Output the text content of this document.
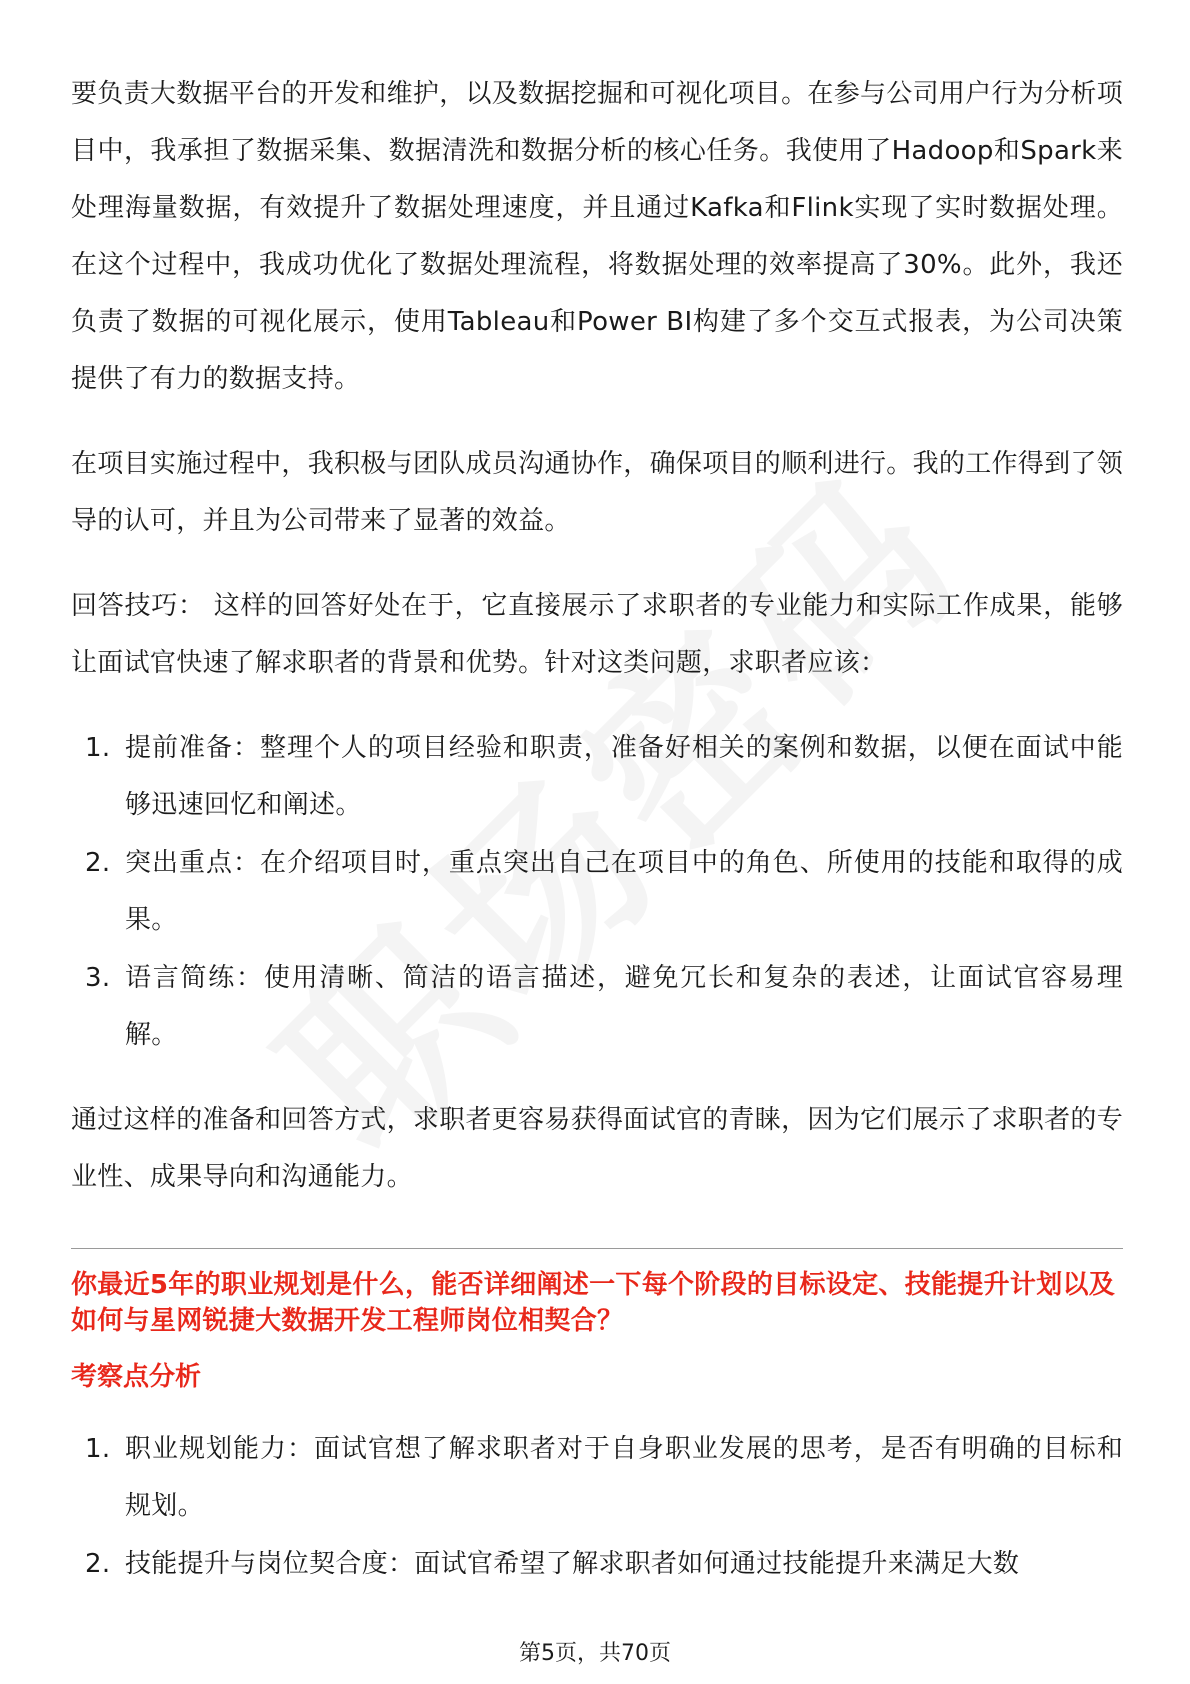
要负责大数据平台的开发和维护，以及数据挖掘和可视化项目。在参与公司用户行为分析项目中，我承担了数据采集、数据清洗和数据分析的核心任务。我使用了Hadoop和Spark来处理海量数据，有效提升了数据处理速度，并且通过Kafka和Flink实现了实时数据处理。在这个过程中，我成功优化了数据处理流程，将数据处理的效率提高了30%。此外，我还负责了数据的可视化展示，使用Tableau和Power BI构建了多个交互式报表，为公司决策提供了有力的数据支持。

在项目实施过程中，我积极与团队成员沟通协作，确保项目的顺利进行。我的工作得到了领导的认可，并且为公司带来了显著的效益。

回答技巧： 这样的回答好处在于，它直接展示了求职者的专业能力和实际工作成果，能够让面试官快速了解求职者的背景和优势。针对这类问题，求职者应该：

1. 提前准备：整理个人的项目经验和职责，准备好相关的案例和数据，以便在面试中能够迅速回忆和阐述。
2. 突出重点：在介绍项目时，重点突出自己在项目中的角色、所使用的技能和取得的成果。
3. 语言简练：使用清晰、简洁的语言描述，避免冗长和复杂的表述，让面试官容易理解。

通过这样的准备和回答方式，求职者更容易获得面试官的青睐，因为它们展示了求职者的专业性、成果导向和沟通能力。

你最近5年的职业规划是什么，能否详细阐述一下每个阶段的目标设定、技能提升计划以及如何与星网锐捷大数据开发工程师岗位相契合？
考察点分析
1. 职业规划能力：面试官想了解求职者对于自身职业发展的思考，是否有明确的目标和规划。
2. 技能提升与岗位契合度：面试官希望了解求职者如何通过技能提升来满足大数
第5页，共70页
